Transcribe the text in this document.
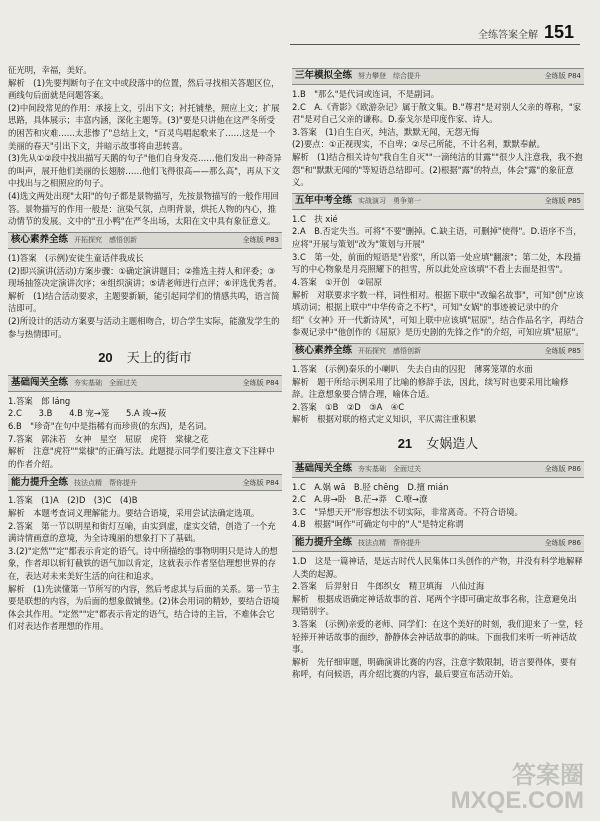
全练答案全解 151

征光明，幸福，美好。

解析　(1)先要判断句子在文中或段落中的位置，然后寻找相关答题区位，画线句后面就是问题答案。

(2)中间段常见的作用：承接上文，引出下文；衬托铺垫，照应上文；扩展思路，具体展示；丰富内涵，深化主题等。(3)"要是只讲他在这严冬所受的困苦和灾难……太悲惨了"总结上文，"百灵鸟唱起歌来了……这是一个美丽的春天"引出下文，并暗示故事将由悲转喜。

(3)先从①②段中找出描写天鹅的句子"他们自身发亮……他们发出一种奇异的叫声，展开他们美丽的长翅膀……他们飞得很高——那么高"，再从下文中找出与之相照应的句子。

(4)选文两处出现"太阳"的句子都是景物描写，先按景物描写的一般作用回答。景物描写的作用一般是：渲染气氛，点明背景，烘托人物的内心，推动情节的发展。文中的"丑小鸭"在严冬出场，太阳在文中具有象征意义。

核心素养全练 开拓探究　感悟创新	全练版 P83

(1)答案　(示例)安徒生童话伴我成长

(2)即兴演讲(活动)方案步骤：①确定演讲题目；②推选主持人和评委；③现场抽签决定演讲次序；④组织演讲；⑤请老师进行点评；⑥评选优秀者。

解析　(1)结合活动要求，主题要新颖，能引起同学们的情感共鸣，语言简洁即可。

(2)所设计的活动方案要与活动主题相吻合，切合学生实际，能激发学生的参与热情即可。

20 天上的街市
基础闯关全练 夯实基础　全面过关	全练版 P84

1.答案　郎 láng

2.C　　3.B　　4.B 宠→笼　　5.A 竣→莜

6.B　"珍奇"在句中是指稀有而珍贵(的东西)，是名词。

7.答案　郭沫若　女神　星空　屈原　虎符　棠棣之花

解析　注意"虎符""棠棣"的正确写法。此题提示同学们要注意文下注释中的作者介绍。

能力提升全练 技法点精　帮你提升	全练版 P84

1.答案　(1)A　(2)D　(3)C　(4)B

解析　本题考查词义理解能力。要结合语境，采用尝试法确定选项。

2.答案　第一节以明星和街灯互喻，由实到虚，虚实交错，创造了一个充满诗情画意的意境，为全诗瑰丽的想象打下了基础。

3.(2)"定然""定"都表示肯定的语气。诗中所描绘的事物明明只是诗人的想象，作者却以斩钉截铁的语气加以肯定，这就表示作者坚信理想世界的存在，表达对未来美好生活的向往和追求。

解析　(1)先读懂第一节所写的内容，然后考虑其与后面的关系。第一节主要是联想的内容，为后面的想象做铺垫。(2)体会用词的精妙，要结合语境体会其作用。"定然""定"都表示肯定的语气，结合诗的主旨，不难体会它们对表达作者理想的作用。

三年模拟全练 努力攀登　综合提升	全练版 P84

1.B　"那么"是代词或连词，不是副词。

2.C　A.《背影》《欧游杂记》属于散文集。B."尊君"是对别人父亲的尊称，"家君"是对自己父亲的谦称。D.泰戈尔是印度作家、诗人。

3.答案　(1)自生自灭，纯洁，默默无闻，无怨无悔

(2)要点：①正视现实，不自卑；②尽己所能，不计名利，默默奉献。

解析　(1)结合相关诗句"我自生自灭""一滴纯洁的甘露""很少人注意我，我不抱怨"和"默默无闻的"等短语总结即可。(2)根据"露"的特点，体会"露"的象征意义。

五年中考全练 实战演习　勇争第一	全练版 P85

1.C　扶 xié

2.A　B.否定失当。可将"不要"删掉。C.缺主语，可删掉"使得"。D.语序不当，应将"开展与策划"改为"策划与开展"

3.C　第一处，前面的短语是"岩浆"，所以第一处应填"翻滚"；第二处，本段描写的中心物象是月亮照耀下的担雪，所以此处应该填"不看上去面是担雪"。

4.答案　①开创　②屈原

解析　对联要求字数一样，词性相对。根据下联中"改编名故事"，可知"创"应该填动词；根据上联中"中华传奇之不朽"，可知"女娲"的事迹被记录中的介绍"《女神》开一代新诗风"，可知上联中应该填"屈原"，结合作品名字，再结合参观记录中"他创作的《屈原》是历史剧的先锋之作"的介绍，可知应填"屈原"。

核心素养全练 开拓探究　感悟创新	全练版 P85

1.答案　(示例)秦乐的小喇叭　失去自由的囚犯　薄雾笼罩的水面

解析　题干所给示例采用了比喻的修辞手法，因此，续写时也要采用比喻修辞。注意想象要合情合理，喻体合适。

2.答案　①B　②D　③A　④C

解析　根据对联的格式定义知识，平仄需注重积累

21 女娲造人
基础闯关全练 夯实基础　全面过关	全练版 P86

1.C　A.娲 wā　B.胫 chēng　D.擅 mián

2.C　A.毋→卧　B.茫→莽　C.嘹→潦

3.C　"异想天开"形容想法不切实际，非常离奇。不符合语境。

4.B　根据"呵作"可确定句中的"人"是特定称谓

能力提升全练 技法点精　帮你提升	全练版 P86

1.D　这是一篇神话，是远古时代人民集体口头创作的产物，并没有科学地解释人类的起源。

2.答案　后羿射日　牛郎织女　精卫填海　八仙过海

解析　根据成语确定神话故事的首、尾两个字即可确定故事名称，注意避免出现错别字。

3.答案　(示例)亲爱的老师、同学们：在这个美好的时刻，我们迎来了一堂，轻轻捧开神话故事的面纱，静静体会神话故事的韵味。下面我们来听一听神话故事。

解析　先仔细审题，明确演讲比赛的内容，注意字数限制，语言要得体，要有称呼，有问候语，再介绍比赛的内容，最后要宣布活动开始。

答案圈
MXQE.COM
